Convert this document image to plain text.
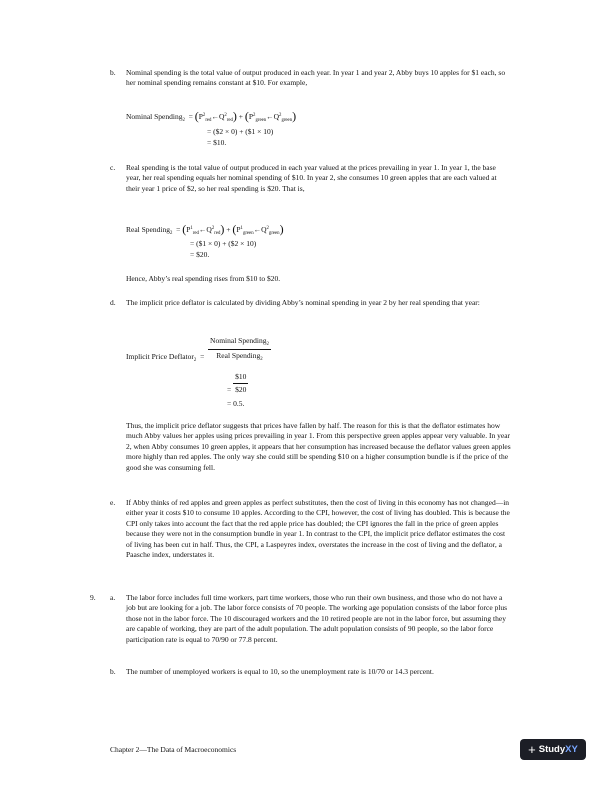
b. Nominal spending is the total value of output produced in each year. In year 1 and year 2, Abby buys 10 apples for $1 each, so her nominal spending remains constant at $10. For example,
Nominal Spending$_2$ = $(P^2_{red}\leftarrow Q^2_{red})$ + $(P^2_{green}\leftarrow Q^2_{green})$
= ($2 × 0) + ($1 × 10)
= $10.
c. Real spending is the total value of output produced in each year valued at the prices prevailing in year 1. In year 1, the base year, her real spending equals her nominal spending of $10. In year 2, she consumes 10 green apples that are each valued at their year 1 price of $2, so her real spending is $20. That is,
Real Spending$_2$ = $(P^1_{red}\leftarrow Q^2_{red})$ + $(P^1_{green}\leftarrow Q^2_{green})$
= ($1 × 0) + ($2 × 10)
= $20.
Hence, Abby’s real spending rises from $10 to $20.
d. The implicit price deflator is calculated by dividing Abby’s nominal spending in year 2 by her real spending that year:
Implicit Price Deflator$_2$ = $\frac{Nominal Spending_2}{Real Spending_2}$
= $\frac{\$10}{\$20}$
= 0.5.
Thus, the implicit price deflator suggests that prices have fallen by half. The reason for this is that the deflator estimates how much Abby values her apples using prices prevailing in year 1. From this perspective green apples appear very valuable. In year 2, when Abby consumes 10 green apples, it appears that her consumption has increased because the deflator values green apples more highly than red apples. The only way she could still be spending $10 on a higher consumption bundle is if the price of the good she was consuming fell.
e. If Abby thinks of red apples and green apples as perfect substitutes, then the cost of living in this economy has not changed—in either year it costs $10 to consume 10 apples. According to the CPI, however, the cost of living has doubled. This is because the CPI only takes into account the fact that the red apple price has doubled; the CPI ignores the fall in the price of green apples because they were not in the consumption bundle in year 1. In contrast to the CPI, the implicit price deflator estimates the cost of living has been cut in half. Thus, the CPI, a Laspeyres index, overstates the increase in the cost of living and the deflator, a Paasche index, understates it.
9. a. The labor force includes full time workers, part time workers, those who run their own business, and those who do not have a job but are looking for a job. The labor force consists of 70 people. The working age population consists of the labor force plus those not in the labor force. The 10 discouraged workers and the 10 retired people are not in the labor force, but assuming they are capable of working, they are part of the adult population. The adult population consists of 90 people, so the labor force participation rate is equal to 70/90 or 77.8 percent.
b. The number of unemployed workers is equal to 10, so the unemployment rate is 10/70 or 14.3 percent.
Chapter 2—The Data of Macroeconomics	+ StudyXY
